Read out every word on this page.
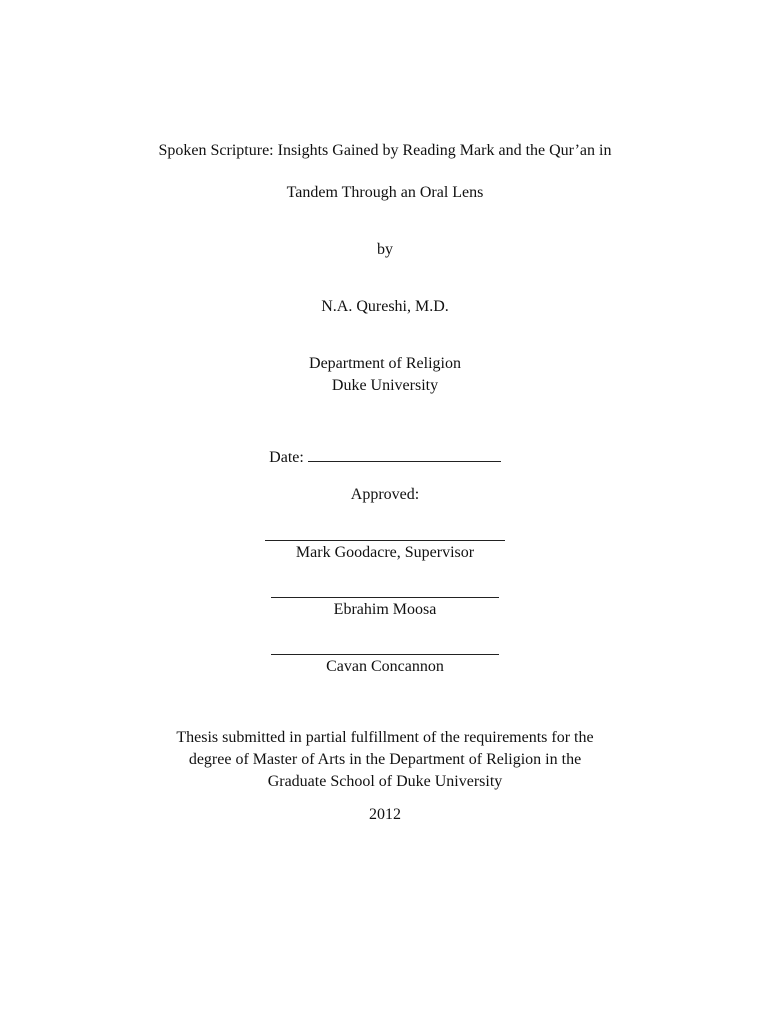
Spoken Scripture: Insights Gained by Reading Mark and the Qur’an in
Tandem Through an Oral Lens
by
N.A. Qureshi, M.D.
Department of Religion
Duke University
Date:
Approved:
Mark Goodacre, Supervisor
Ebrahim Moosa
Cavan Concannon
Thesis submitted in partial fulfillment of the requirements for the
degree of Master of Arts in the Department of Religion in the
Graduate School of Duke University
2012
